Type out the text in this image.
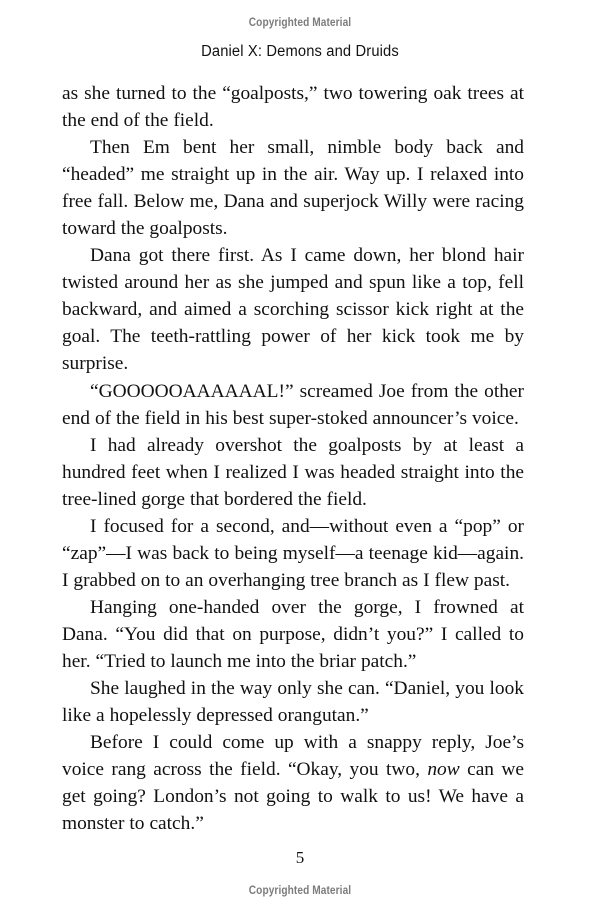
Copyrighted Material
Daniel X: Demons and Druids

as she turned to the “goalposts,” two towering oak trees at the end of the field.

Then Em bent her small, nimble body back and “headed” me straight up in the air. Way up. I relaxed into free fall. Below me, Dana and superjock Willy were racing toward the goalposts.

Dana got there first. As I came down, her blond hair twisted around her as she jumped and spun like a top, fell backward, and aimed a scorching scissor kick right at the goal. The teeth-rattling power of her kick took me by surprise.

“GOOOOOAAAAAAL!” screamed Joe from the other end of the field in his best super-stoked announcer’s voice.

I had already overshot the goalposts by at least a hundred feet when I realized I was headed straight into the tree-lined gorge that bordered the field.

I focused for a second, and—without even a “pop” or “zap”—I was back to being myself—a teenage kid—again. I grabbed on to an overhanging tree branch as I flew past.

Hanging one-handed over the gorge, I frowned at Dana. “You did that on purpose, didn’t you?” I called to her. “Tried to launch me into the briar patch.”

She laughed in the way only she can. “Daniel, you look like a hopelessly depressed orangutan.”

Before I could come up with a snappy reply, Joe’s voice rang across the field. “Okay, you two, now can we get going? London’s not going to walk to us! We have a monster to catch.”

5
Copyrighted Material
